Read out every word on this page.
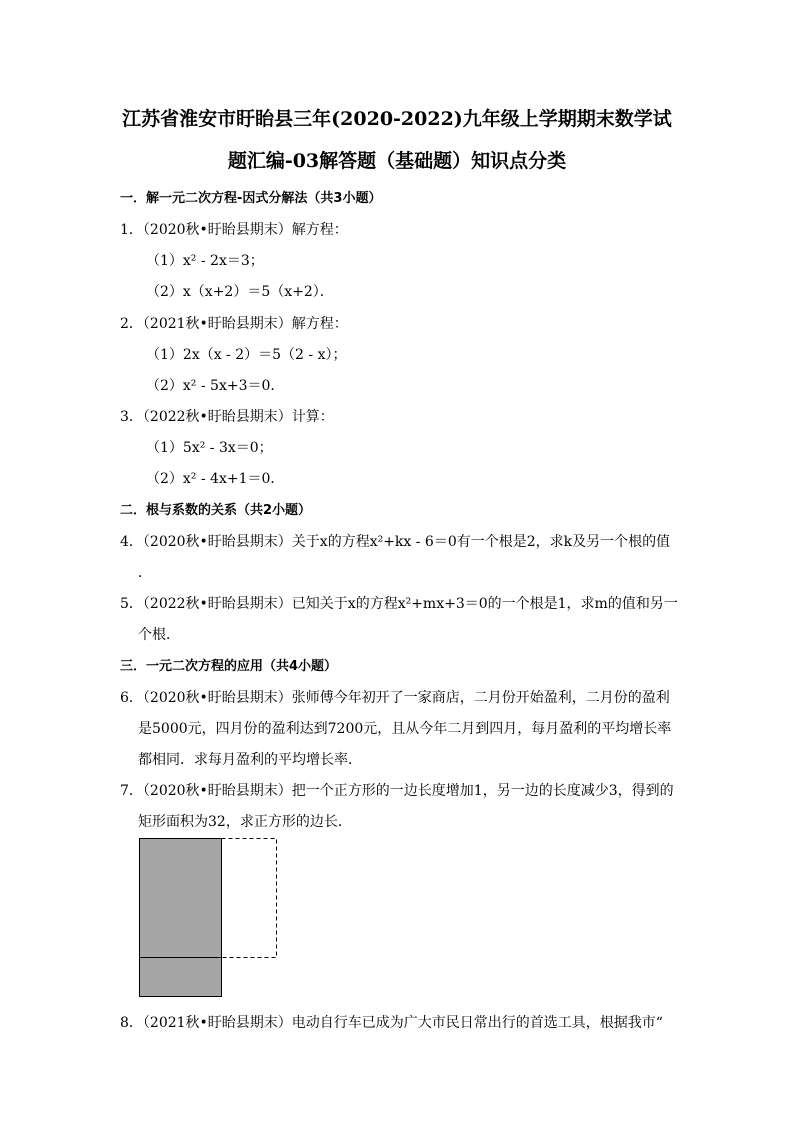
江苏省淮安市盱眙县三年(2020-2022)九年级上学期期末数学试
题汇编-03解答题（基础题）知识点分类
一．解一元二次方程-因式分解法（共3小题）
1．（2020秋•盱眙县期末）解方程：
（1）x² - 2x＝3；
（2）x（x+2）＝5（x+2）．
2．（2021秋•盱眙县期末）解方程：
（1）2x（x - 2）＝5（2 - x）；
（2）x² - 5x+3＝0．
3．（2022秋•盱眙县期末）计算：
（1）5x² - 3x＝0；
（2）x² - 4x+1＝0．
二．根与系数的关系（共2小题）
4．（2020秋•盱眙县期末）关于x的方程x²+kx - 6＝0有一个根是2，求k及另一个根的值
．
5．（2022秋•盱眙县期末）已知关于x的方程x²+mx+3＝0的一个根是1，求m的值和另一
个根．
三．一元二次方程的应用（共4小题）
6．（2020秋•盱眙县期末）张师傅今年初开了一家商店，二月份开始盈利，二月份的盈利
是5000元，四月份的盈利达到7200元，且从今年二月到四月，每月盈利的平均增长率
都相同．求每月盈利的平均增长率．
7．（2020秋•盱眙县期末）把一个正方形的一边长度增加1，另一边的长度减少3，得到的
矩形面积为32，求正方形的边长．
8．（2021秋•盱眙县期末）电动自行车已成为广大市民日常出行的首选工具，根据我市“
